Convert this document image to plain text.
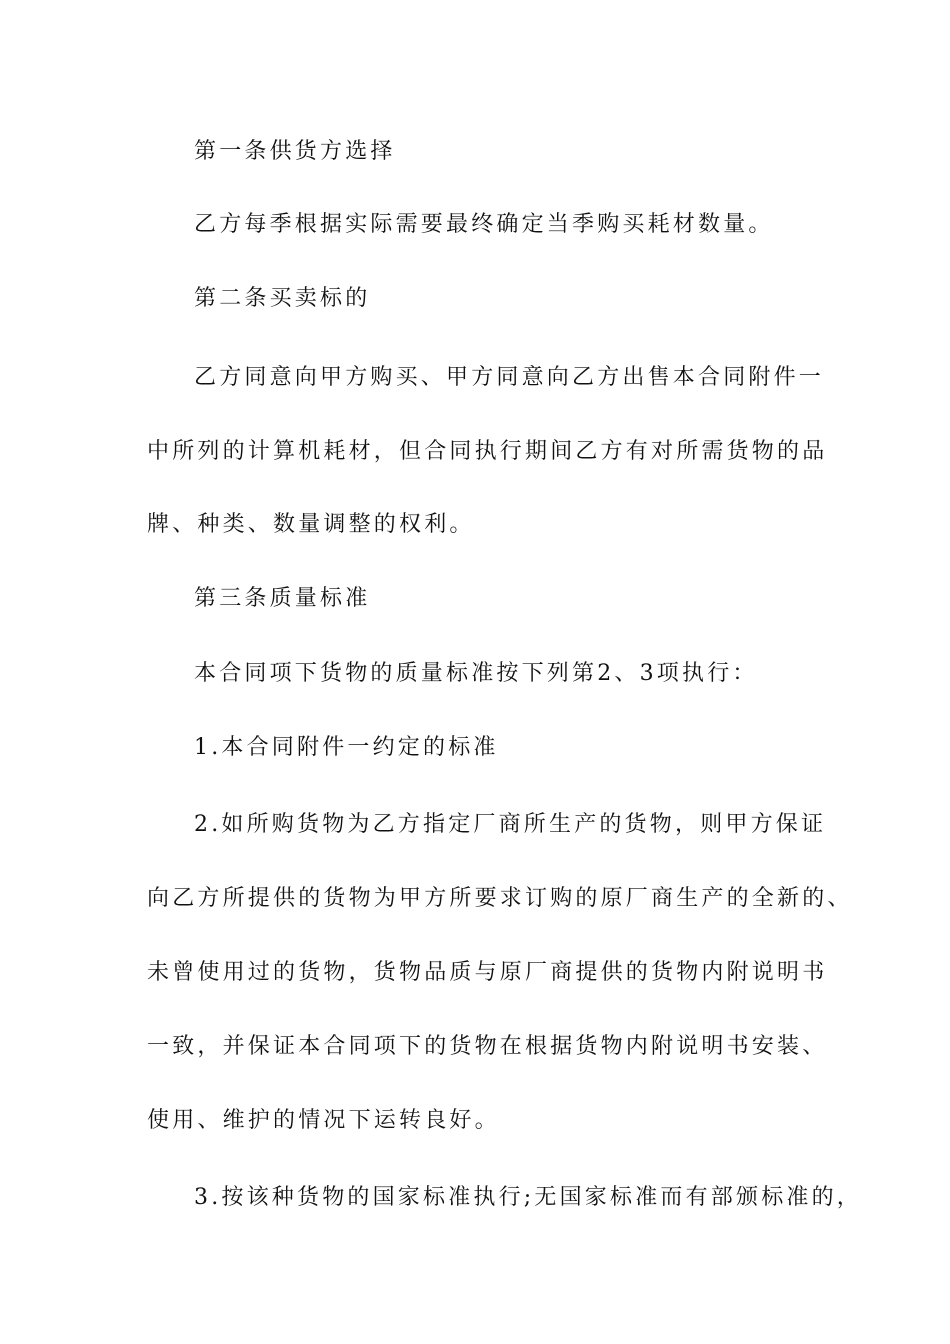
第一条供货方选择
乙方每季根据实际需要最终确定当季购买耗材数量。
第二条买卖标的
乙方同意向甲方购买、甲方同意向乙方出售本合同附件一
中所列的计算机耗材，但合同执行期间乙方有对所需货物的品
牌、种类、数量调整的权利。
第三条质量标准
本合同项下货物的质量标准按下列第2、3项执行：
1.本合同附件一约定的标准
2.如所购货物为乙方指定厂商所生产的货物，则甲方保证
向乙方所提供的货物为甲方所要求订购的原厂商生产的全新的、
未曾使用过的货物，货物品质与原厂商提供的货物内附说明书
一致，并保证本合同项下的货物在根据货物内附说明书安装、
使用、维护的情况下运转良好。
3.按该种货物的国家标准执行;无国家标准而有部颁标准的，
